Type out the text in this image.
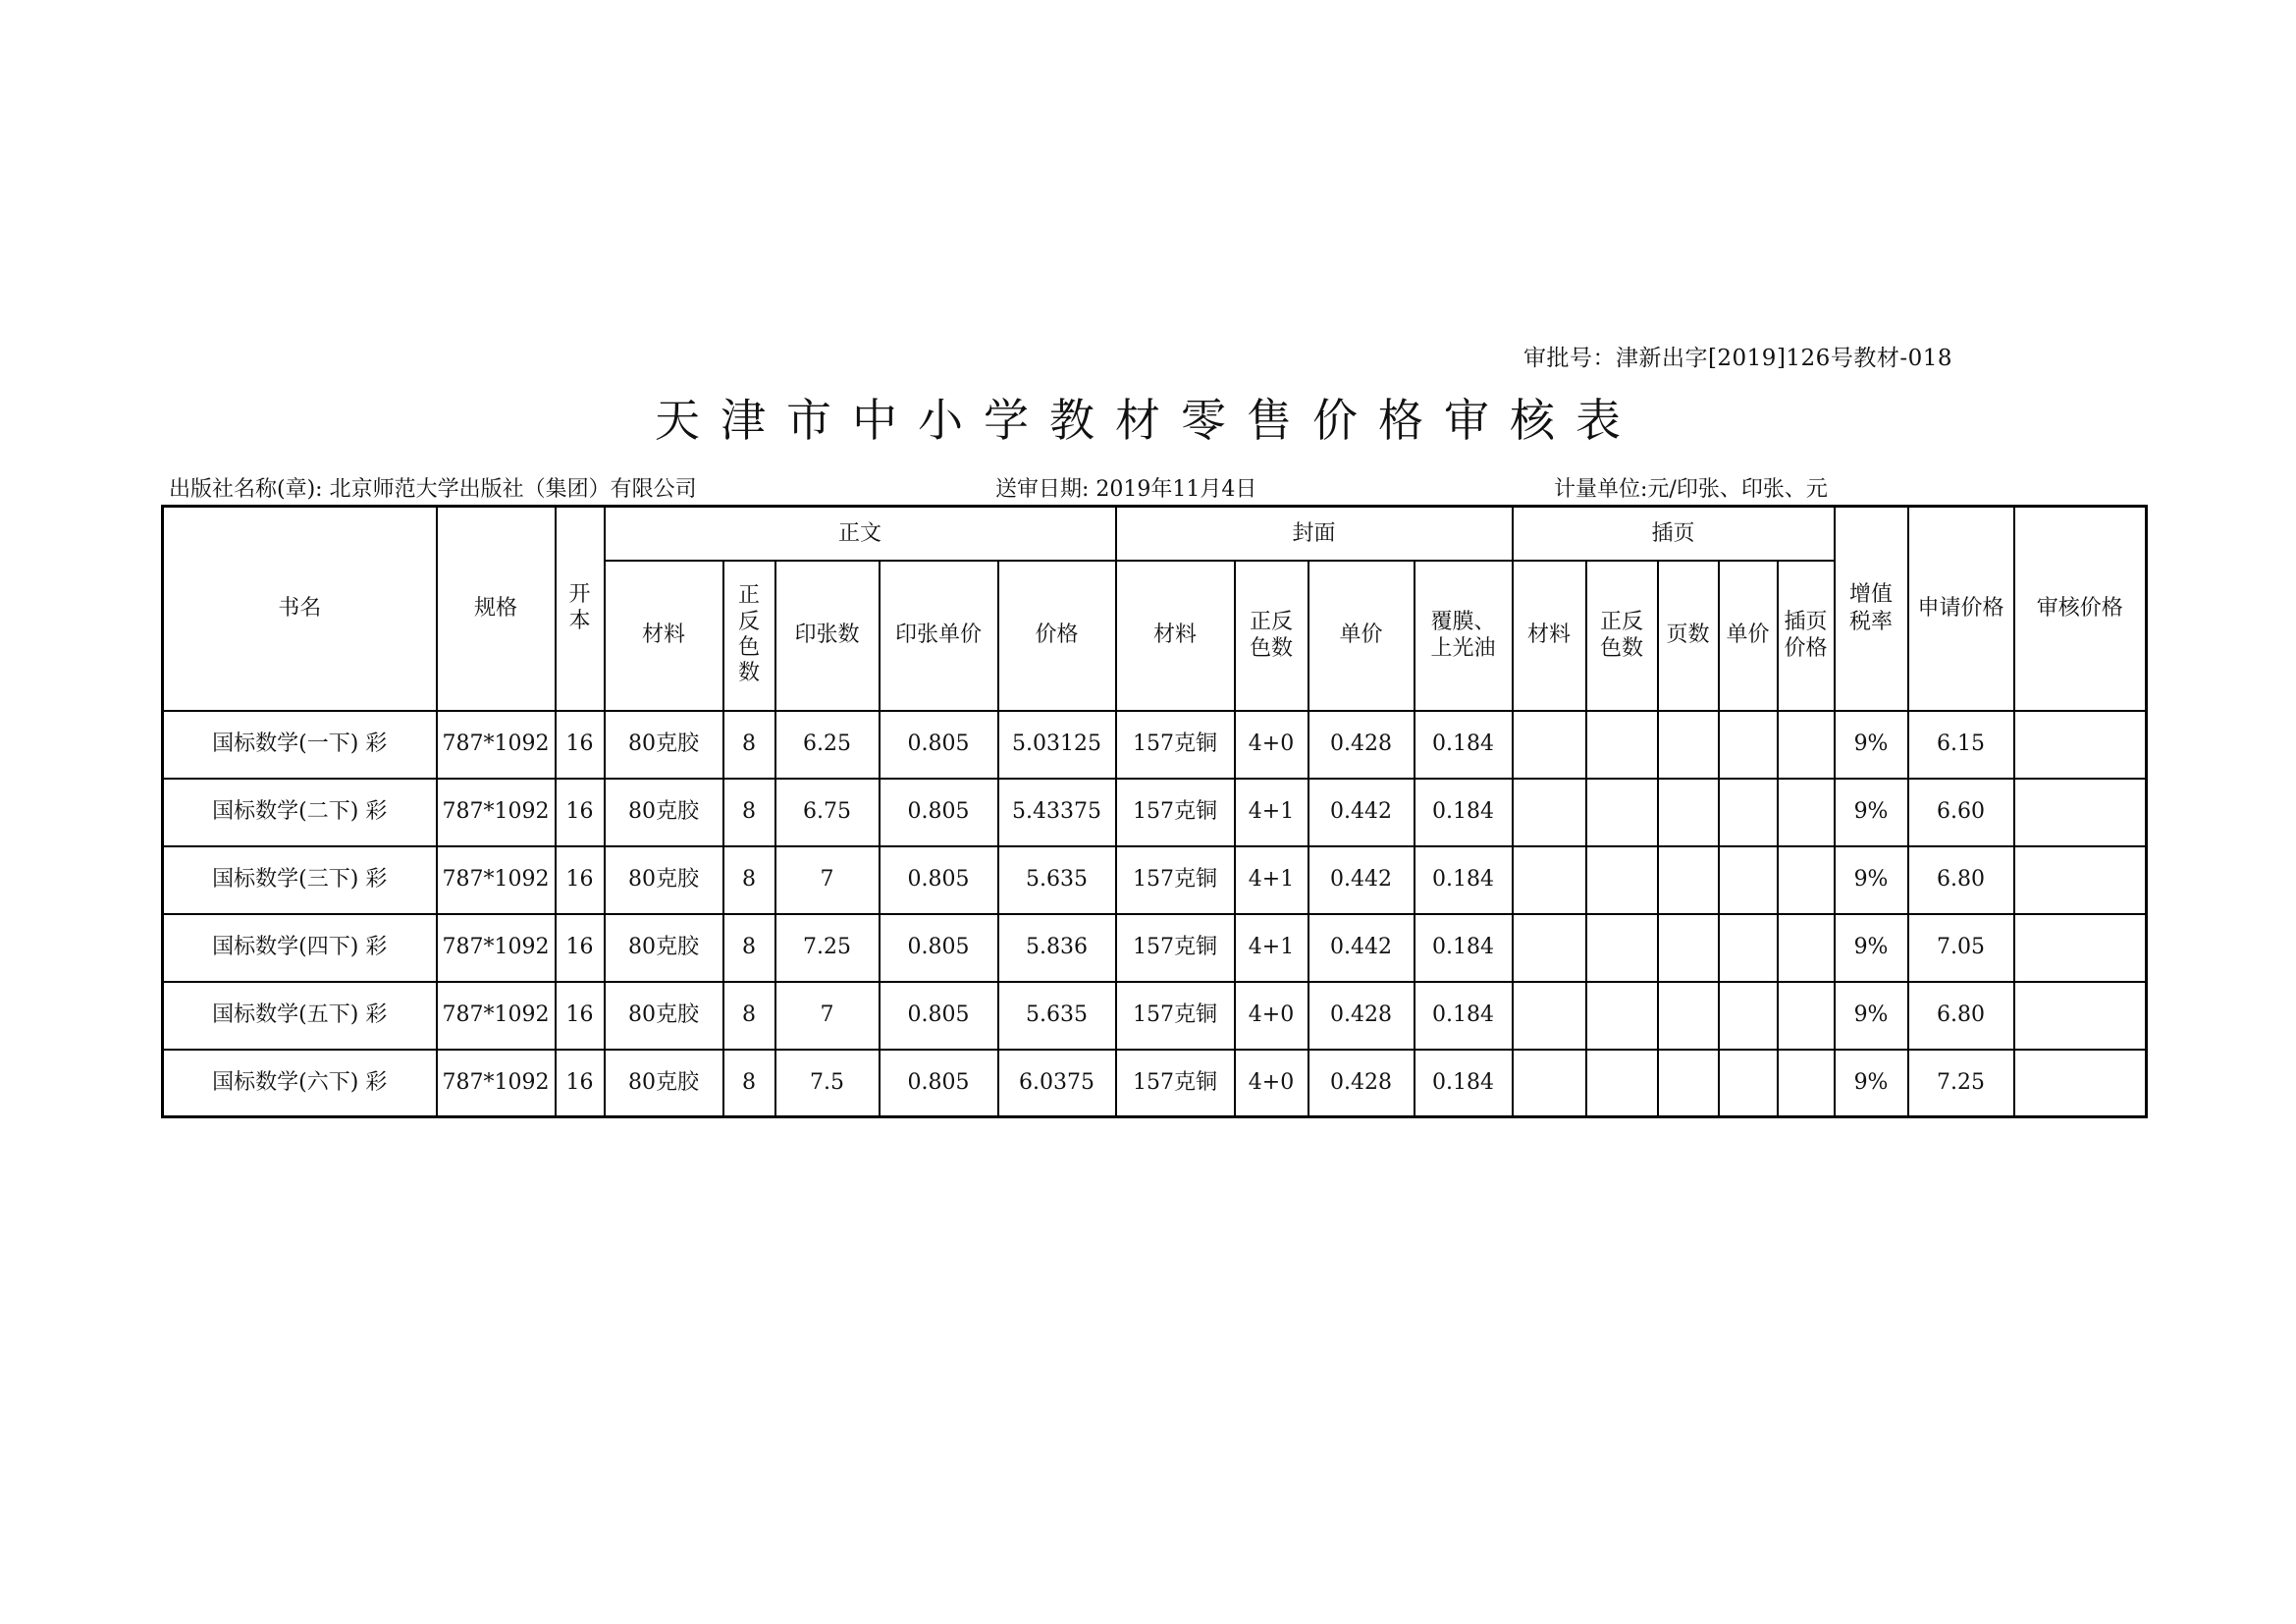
审批号：津新出字[2019]126号教材-018
天津市中小学教材零售价格审核表
出版社名称(章): 北京师范大学出版社（集团）有限公司	送审日期: 2019年11月4日	计量单位:元/印张、印张、元
书名	规格	开本	正文					封面				插页					增值税率	申请价格	审核价格
			材料	正反色数	印张数	印张单价	价格	材料	正反色数	单价	覆膜、上光油	材料	正反色数	页数	单价	插页价格			
国标数学(一下) 彩	787*1092	16	80克胶	8	6.25	0.805	5.03125	157克铜	4+0	0.428	0.184						9%	6.15	
国标数学(二下) 彩	787*1092	16	80克胶	8	6.75	0.805	5.43375	157克铜	4+1	0.442	0.184						9%	6.60	
国标数学(三下) 彩	787*1092	16	80克胶	8	7	0.805	5.635	157克铜	4+1	0.442	0.184						9%	6.80	
国标数学(四下) 彩	787*1092	16	80克胶	8	7.25	0.805	5.836	157克铜	4+1	0.442	0.184						9%	7.05	
国标数学(五下) 彩	787*1092	16	80克胶	8	7	0.805	5.635	157克铜	4+0	0.428	0.184						9%	6.80	
国标数学(六下) 彩	787*1092	16	80克胶	8	7.5	0.805	6.0375	157克铜	4+0	0.428	0.184						9%	7.25	
